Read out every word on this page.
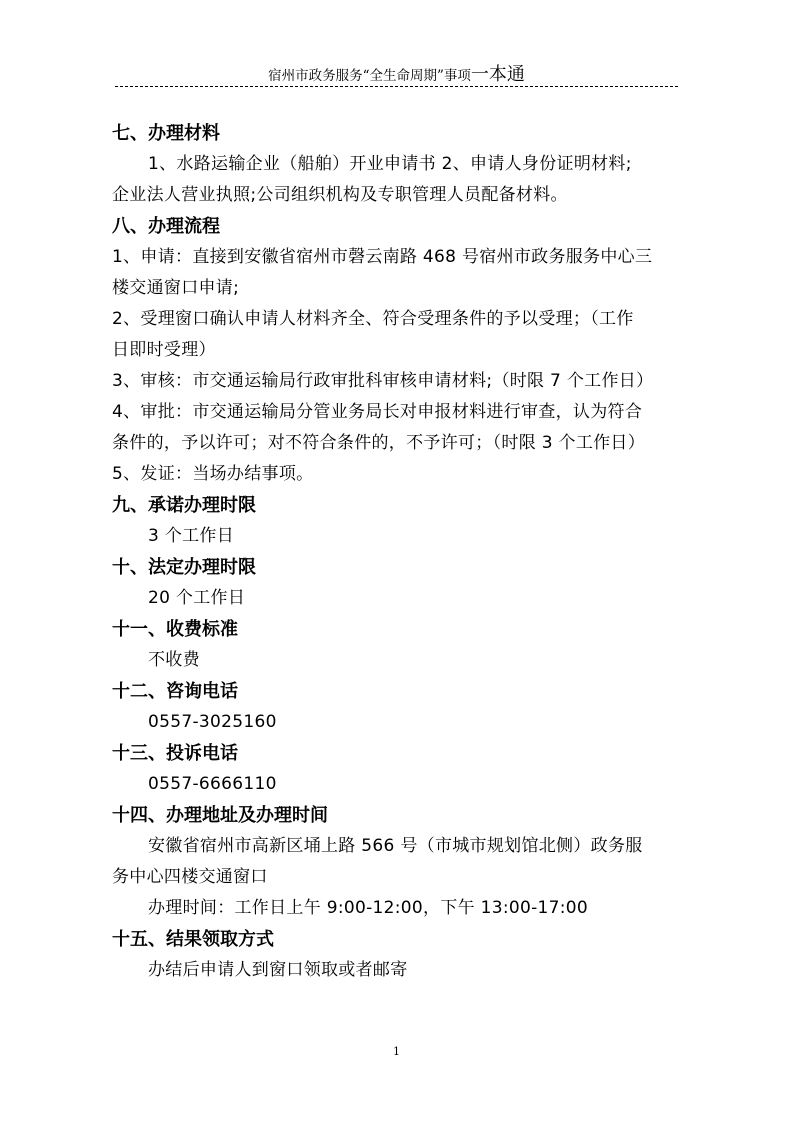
宿州市政务服务“全生命周期”事项一本通
七、办理材料

1、水路运输企业（船舶）开业申请书 2、申请人身份证明材料;

企业法人营业执照;公司组织机构及专职管理人员配备材料。

八、办理流程

1、申请：直接到安徽省宿州市磬云南路 468 号宿州市政务服务中心三

楼交通窗口申请;

2、受理窗口确认申请人材料齐全、符合受理条件的予以受理；（工作

日即时受理）

3、审核：市交通运输局行政审批科审核申请材料;（时限 7 个工作日）

4、审批：市交通运输局分管业务局长对申报材料进行审查，认为符合

条件的，予以许可；对不符合条件的，不予许可；（时限 3 个工作日）

5、发证：当场办结事项。

九、承诺办理时限

3 个工作日

十、法定办理时限

20 个工作日

十一、收费标准

不收费

十二、咨询电话

0557-3025160

十三、投诉电话

0557-6666110

十四、办理地址及办理时间

安徽省宿州市高新区埇上路 566 号（市城市规划馆北侧）政务服

务中心四楼交通窗口

办理时间：工作日上午 9:00-12:00，下午 13:00-17:00

十五、结果领取方式

办结后申请人到窗口领取或者邮寄

1
